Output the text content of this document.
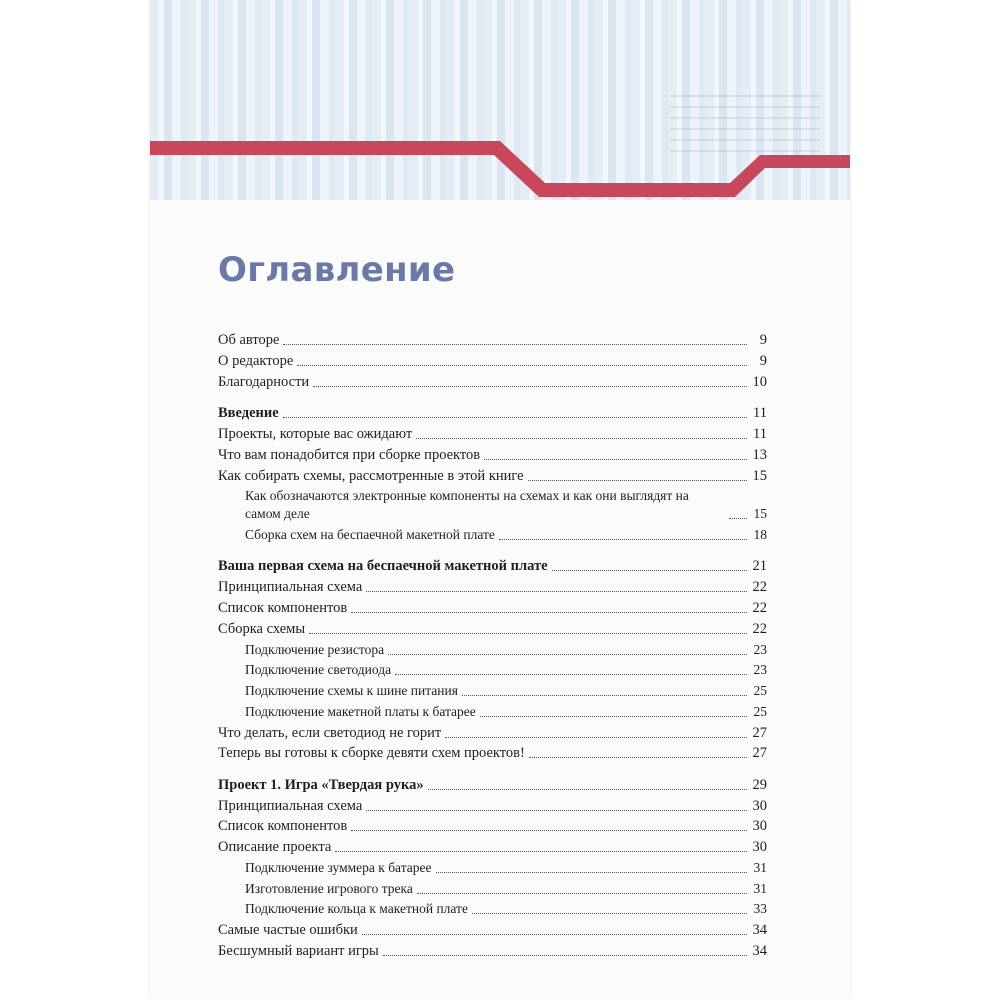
Оглавление
Об авторе	9
О редакторе	9
Благодарности	10
Введение	11
Проекты, которые вас ожидают	11
Что вам понадобится при сборке проектов	13
Как собирать схемы, рассмотренные в этой книге	15
Как обозначаются электронные компоненты на схемах и как они выглядят на самом деле	15
Сборка схем на беспаечной макетной плате	18
Ваша первая схема на беспаечной макетной плате	21
Принципиальная схема	22
Список компонентов	22
Сборка схемы	22
Подключение резистора	23
Подключение светодиода	23
Подключение схемы к шине питания	25
Подключение макетной платы к батарее	25
Что делать, если светодиод не горит	27
Теперь вы готовы к сборке девяти схем проектов!	27
Проект 1. Игра «Твердая рука»	29
Принципиальная схема	30
Список компонентов	30
Описание проекта	30
Подключение зуммера к батарее	31
Изготовление игрового трека	31
Подключение кольца к макетной плате	33
Самые частые ошибки	34
Бесшумный вариант игры	34
